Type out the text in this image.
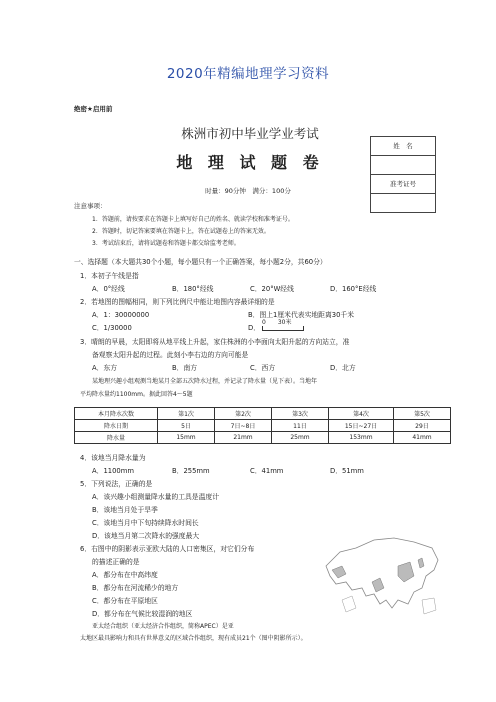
2020年精编地理学习资料
绝密★启用前
株洲市初中毕业学业考试
地 理 试 题 卷
姓　名
准考证号
时量：90分钟　满分：100分
注意事项：
1．答题前，请按要求在答题卡上填写好自己的姓名、就读学校和准考证号。
2．答题时，切记答案要填在答题卡上，答在试题卷上的答案无效。
3．考试结束后，请将试题卷和答题卡都交给监考老师。
一、选择题（本大题共30个小题，每小题只有一个正确答案，每小题2分，共60分）
1．本初子午线是指
A．0°经线	B．180°经线	C．20°W经线	D．160°E经线
2．若地图的图幅相同，则下列比例尺中能让地图内容最详细的是
A．1：30000000	B．图上1厘米代表实地距离30千米
C．1/30000	D．
0　　30米
3．晴朗的早晨，太阳即将从地平线上升起，家住株洲的小李面向太阳升起的方向站立，准
备观察太阳升起的过程。此刻小李右边的方向可能是
A．东方	B．南方	C．西方	D．北方
某地理兴趣小组观测当地某月全部五次降水过程，并记录了降水量（见下表）。当地年
平均降水量约1100mm。据此回答4～5题
本月降水次数	第1次	第2次	第3次	第4次	第5次
降水日期	5日	7日~8日	11日	15日~27日	29日
降水量	15mm	21mm	25mm	153mm	41mm
4．该地当月降水量为
A．1100mm	B．255mm	C．41mm	D．51mm
5．下列说法，正确的是
A．该兴趣小组测量降水量的工具是温度计
B．该地当月处于旱季
C．该地当月中下旬持续降水时间长
D．该地当月第二次降水的强度最大
6．右图中的阴影表示亚欧大陆的人口密集区，对它们分布
的描述正确的是
A．都分布在中高纬度
B．都分布在河流稀少的地方
C．都分布在平原地区
D．都分布在气候比较湿润的地区
亚太经合组织（亚太经济合作组织，简称APEC）是亚
太地区最具影响力和具有世界意义的区域合作组织，现有成员21个（图中阴影所示）。
